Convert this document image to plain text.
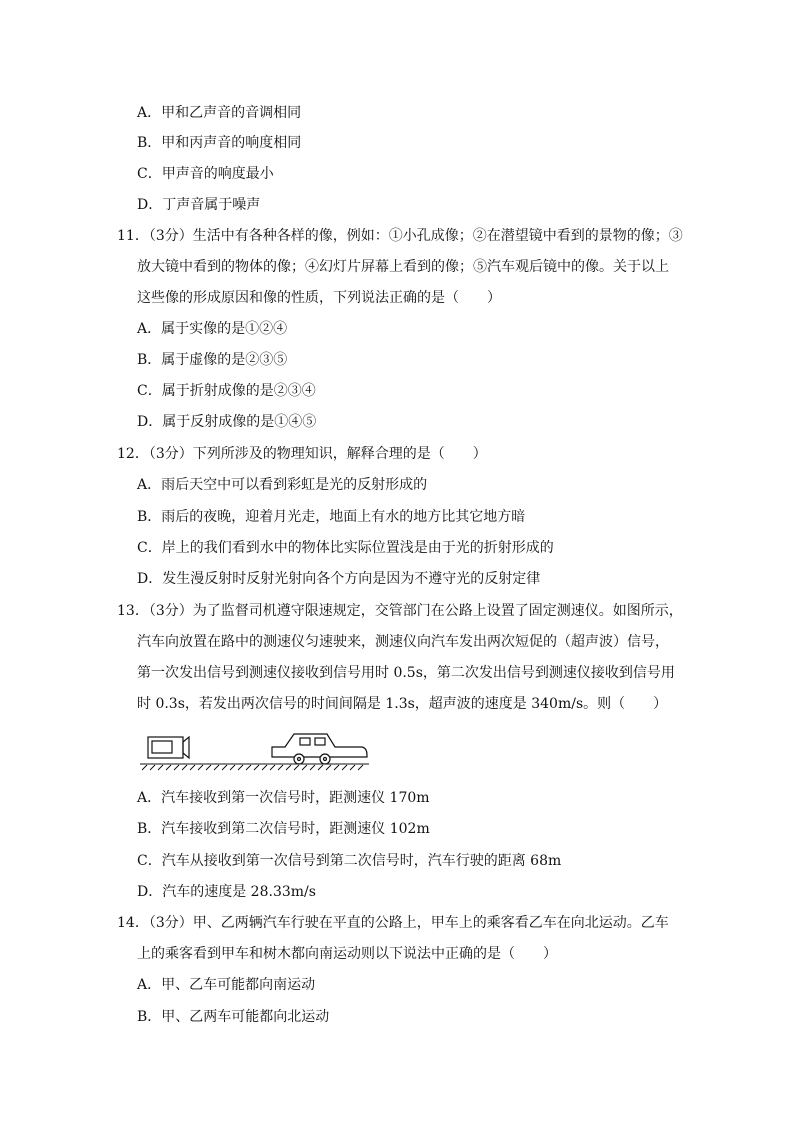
A．甲和乙声音的音调相同
B．甲和丙声音的响度相同
C．甲声音的响度最小
D．丁声音属于噪声
11．（3分）生活中有各种各样的像，例如：①小孔成像；②在潜望镜中看到的景物的像；③
放大镜中看到的物体的像；④幻灯片屏幕上看到的像；⑤汽车观后镜中的像。关于以上
这些像的形成原因和像的性质，下列说法正确的是（　　）
A．属于实像的是①②④
B．属于虚像的是②③⑤
C．属于折射成像的是②③④
D．属于反射成像的是①④⑤
12．（3分）下列所涉及的物理知识，解释合理的是（　　）
A．雨后天空中可以看到彩虹是光的反射形成的
B．雨后的夜晚，迎着月光走，地面上有水的地方比其它地方暗
C．岸上的我们看到水中的物体比实际位置浅是由于光的折射形成的
D．发生漫反射时反射光射向各个方向是因为不遵守光的反射定律
13．（3分）为了监督司机遵守限速规定，交管部门在公路上设置了固定测速仪。如图所示，
汽车向放置在路中的测速仪匀速驶来，测速仪向汽车发出两次短促的（超声波）信号，
第一次发出信号到测速仪接收到信号用时 0.5s，第二次发出信号到测速仪接收到信号用
时 0.3s，若发出两次信号的时间间隔是 1.3s，超声波的速度是 340m/s。则（　　）
A．汽车接收到第一次信号时，距测速仪 170m
B．汽车接收到第二次信号时，距测速仪 102m
C．汽车从接收到第一次信号到第二次信号时，汽车行驶的距离 68m
D．汽车的速度是 28.33m/s
14．（3分）甲、乙两辆汽车行驶在平直的公路上，甲车上的乘客看乙车在向北运动。乙车
上的乘客看到甲车和树木都向南运动则以下说法中正确的是（　　）
A．甲、乙车可能都向南运动
B．甲、乙两车可能都向北运动
